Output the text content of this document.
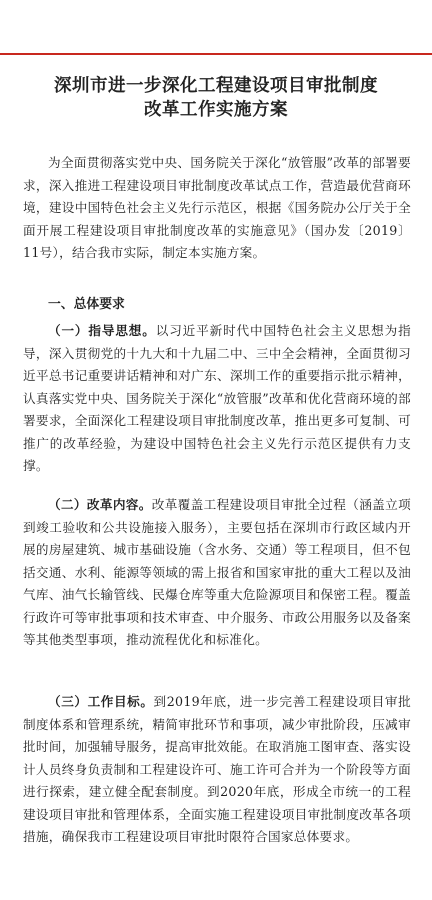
深圳市进一步深化工程建设项目审批制度
改革工作实施方案
为全面贯彻落实党中央、国务院关于深化“放管服”改革的部署要求，深入推进工程建设项目审批制度改革试点工作，营造最优营商环境，建设中国特色社会主义先行示范区，根据《国务院办公厅关于全面开展工程建设项目审批制度改革的实施意见》（国办发〔2019〕11号），结合我市实际，制定本实施方案。
一、总体要求
（一）指导思想。以习近平新时代中国特色社会主义思想为指导，深入贯彻党的十九大和十九届二中、三中全会精神，全面贯彻习近平总书记重要讲话精神和对广东、深圳工作的重要指示批示精神，认真落实党中央、国务院关于深化“放管服”改革和优化营商环境的部署要求，全面深化工程建设项目审批制度改革，推出更多可复制、可推广的改革经验，为建设中国特色社会主义先行示范区提供有力支撑。
（二）改革内容。改革覆盖工程建设项目审批全过程（涵盖立项到竣工验收和公共设施接入服务），主要包括在深圳市行政区域内开展的房屋建筑、城市基础设施（含水务、交通）等工程项目，但不包括交通、水利、能源等领域的需上报省和国家审批的重大工程以及油气库、油气长输管线、民爆仓库等重大危险源项目和保密工程。覆盖行政许可等审批事项和技术审查、中介服务、市政公用服务以及备案等其他类型事项，推动流程优化和标准化。
（三）工作目标。到2019年底，进一步完善工程建设项目审批制度体系和管理系统，精简审批环节和事项，减少审批阶段，压减审批时间，加强辅导服务，提高审批效能。在取消施工图审查、落实设计人员终身负责制和工程建设许可、施工许可合并为一个阶段等方面进行探索，建立健全配套制度。到2020年底，形成全市统一的工程建设项目审批和管理体系，全面实施工程建设项目审批制度改革各项措施，确保我市工程建设项目审批时限符合国家总体要求。
